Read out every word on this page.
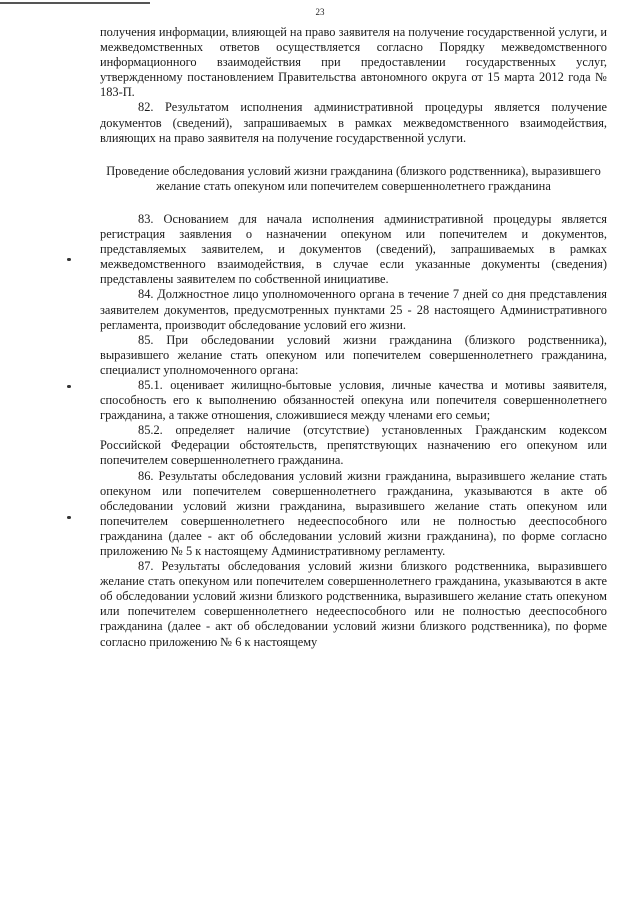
23

получения информации, влияющей на право заявителя на получение государственной услуги, и межведомственных ответов осуществляется согласно Порядку межведомственного информационного взаимодействия при предоставлении государственных услуг, утвержденному постановлением Правительства автономного округа от 15 марта 2012 года № 183-П.

82. Результатом исполнения административной процедуры является получение документов (сведений), запрашиваемых в рамках межведомственного взаимодействия, влияющих на право заявителя на получение государственной услуги.

Проведение обследования условий жизни гражданина (близкого родственника), выразившего желание стать опекуном или попечителем совершеннолетнего гражданина

83. Основанием для начала исполнения административной процедуры является регистрация заявления о назначении опекуном или попечителем и документов, представляемых заявителем, и документов (сведений), запрашиваемых в рамках межведомственного взаимодействия, в случае если указанные документы (сведения) представлены заявителем по собственной инициативе.

84. Должностное лицо уполномоченного органа в течение 7 дней со дня представления заявителем документов, предусмотренных пунктами 25 - 28 настоящего Административного регламента, производит обследование условий его жизни.

85. При обследовании условий жизни гражданина (близкого родственника), выразившего желание стать опекуном или попечителем совершеннолетнего гражданина, специалист уполномоченного органа:

85.1. оценивает жилищно-бытовые условия, личные качества и мотивы заявителя, способность его к выполнению обязанностей опекуна или попечителя совершеннолетнего гражданина, а также отношения, сложившиеся между членами его семьи;

85.2. определяет наличие (отсутствие) установленных Гражданским кодексом Российской Федерации обстоятельств, препятствующих назначению его опекуном или попечителем совершеннолетнего гражданина.

86. Результаты обследования условий жизни гражданина, выразившего желание стать опекуном или попечителем совершеннолетнего гражданина, указываются в акте об обследовании условий жизни гражданина, выразившего желание стать опекуном или попечителем совершеннолетнего недееспособного или не полностью дееспособного гражданина (далее - акт об обследовании условий жизни гражданина), по форме согласно приложению № 5 к настоящему Административному регламенту.

87. Результаты обследования условий жизни близкого родственника, выразившего желание стать опекуном или попечителем совершеннолетнего гражданина, указываются в акте об обследовании условий жизни близкого родственника, выразившего желание стать опекуном или попечителем совершеннолетнего недееспособного или не полностью дееспособного гражданина (далее - акт об обследовании условий жизни близкого родственника), по форме согласно приложению № 6 к настоящему
